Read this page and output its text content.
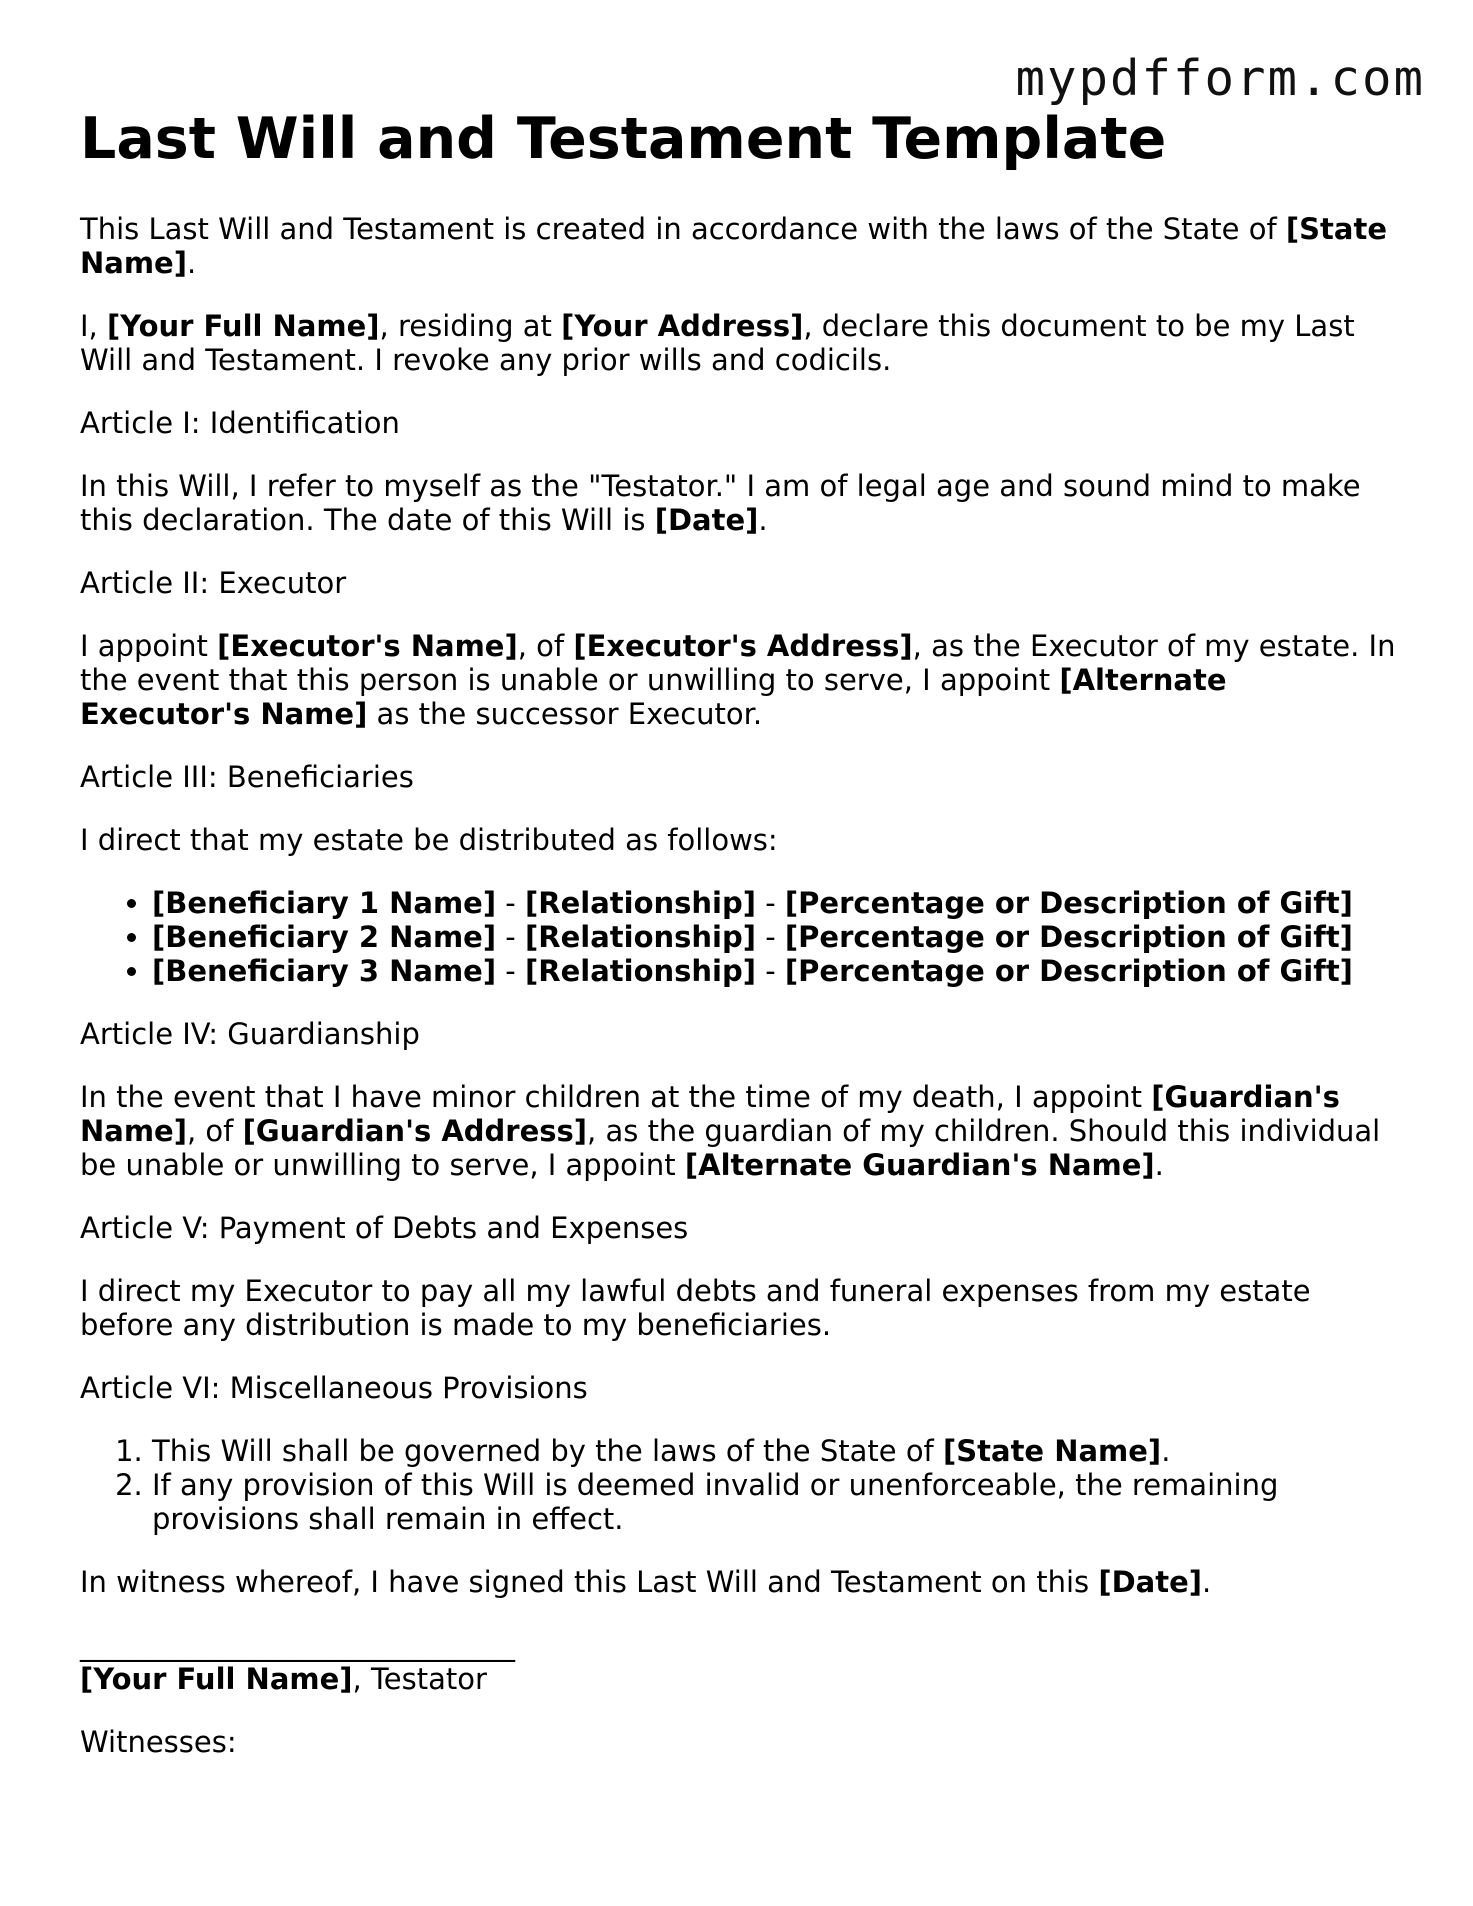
mypdfform.com
Last Will and Testament Template

This Last Will and Testament is created in accordance with the laws of the State of [State Name].

I, [Your Full Name], residing at [Your Address], declare this document to be my Last Will and Testament. I revoke any prior wills and codicils.

Article I: Identification

In this Will, I refer to myself as the "Testator." I am of legal age and sound mind to make this declaration. The date of this Will is [Date].

Article II: Executor

I appoint [Executor's Name], of [Executor's Address], as the Executor of my estate. In the event that this person is unable or unwilling to serve, I appoint [Alternate Executor's Name] as the successor Executor.

Article III: Beneficiaries

I direct that my estate be distributed as follows:

• [Beneficiary 1 Name] - [Relationship] - [Percentage or Description of Gift]
• [Beneficiary 2 Name] - [Relationship] - [Percentage or Description of Gift]
• [Beneficiary 3 Name] - [Relationship] - [Percentage or Description of Gift]

Article IV: Guardianship

In the event that I have minor children at the time of my death, I appoint [Guardian's Name], of [Guardian's Address], as the guardian of my children. Should this individual be unable or unwilling to serve, I appoint [Alternate Guardian's Name].

Article V: Payment of Debts and Expenses

I direct my Executor to pay all my lawful debts and funeral expenses from my estate before any distribution is made to my beneficiaries.

Article VI: Miscellaneous Provisions

1. This Will shall be governed by the laws of the State of [State Name].
2. If any provision of this Will is deemed invalid or unenforceable, the remaining provisions shall remain in effect.

In witness whereof, I have signed this Last Will and Testament on this [Date].

______________________________

[Your Full Name], Testator

Witnesses:
